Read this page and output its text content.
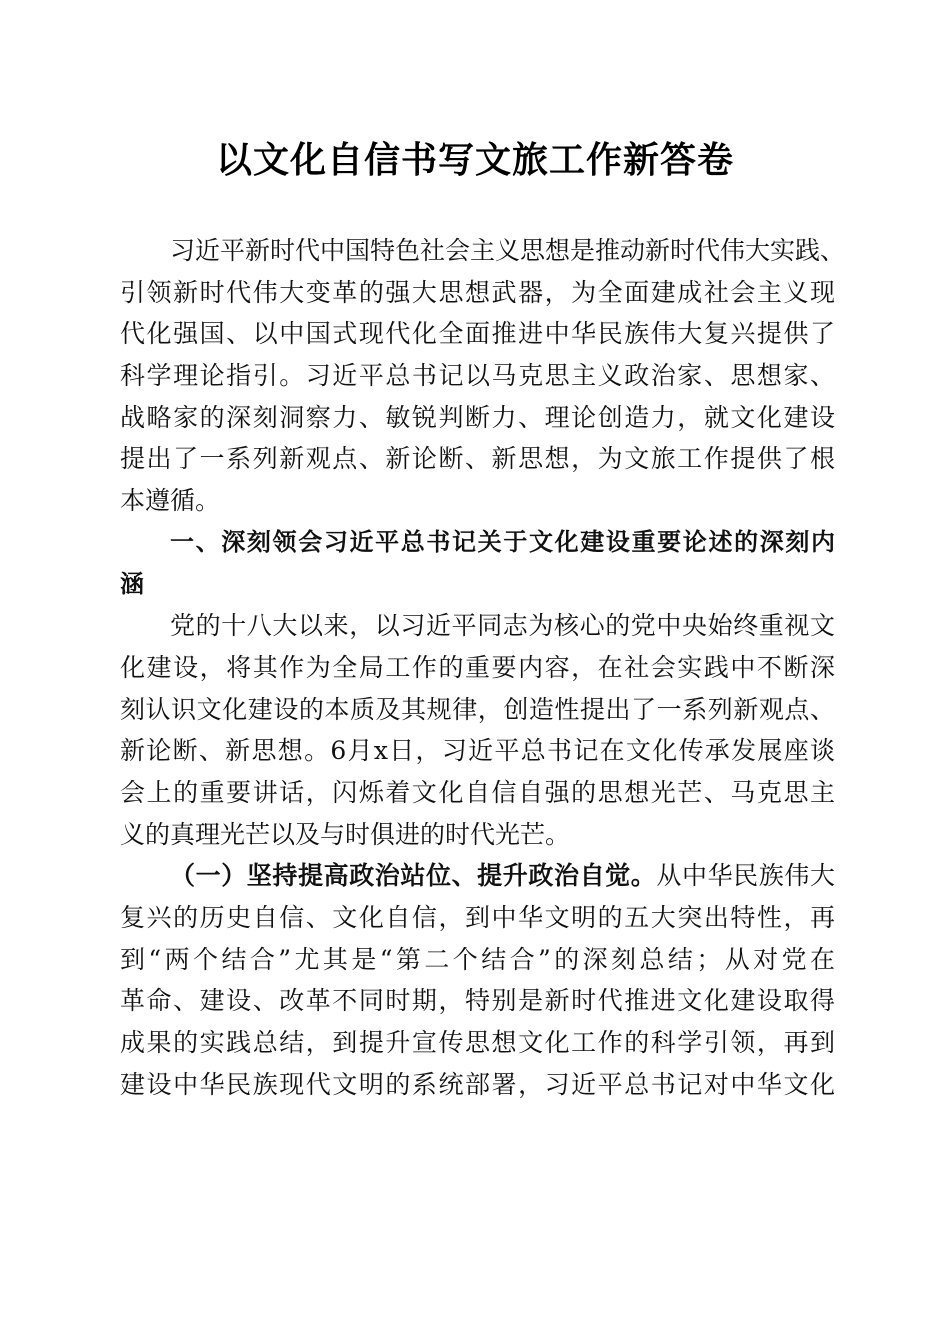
以文化自信书写文旅工作新答卷
习近平新时代中国特色社会主义思想是推动新时代伟大实践、
引领新时代伟大变革的强大思想武器，为全面建成社会主义现
代化强国、以中国式现代化全面推进中华民族伟大复兴提供了
科学理论指引。习近平总书记以马克思主义政治家、思想家、
战略家的深刻洞察力、敏锐判断力、理论创造力，就文化建设
提出了一系列新观点、新论断、新思想，为文旅工作提供了根
本遵循。
一、深刻领会习近平总书记关于文化建设重要论述的深刻内
涵
党的十八大以来，以习近平同志为核心的党中央始终重视文
化建设，将其作为全局工作的重要内容，在社会实践中不断深
刻认识文化建设的本质及其规律，创造性提出了一系列新观点、
新论断、新思想。6月x日，习近平总书记在文化传承发展座谈
会上的重要讲话，闪烁着文化自信自强的思想光芒、马克思主
义的真理光芒以及与时俱进的时代光芒。
（一）坚持提高政治站位、提升政治自觉。从中华民族伟大
复兴的历史自信、文化自信，到中华文明的五大突出特性，再
到“两个结合”尤其是“第二个结合”的深刻总结；从对党在
革命、建设、改革不同时期，特别是新时代推进文化建设取得
成果的实践总结，到提升宣传思想文化工作的科学引领，再到
建设中华民族现代文明的系统部署，习近平总书记对中华文化
